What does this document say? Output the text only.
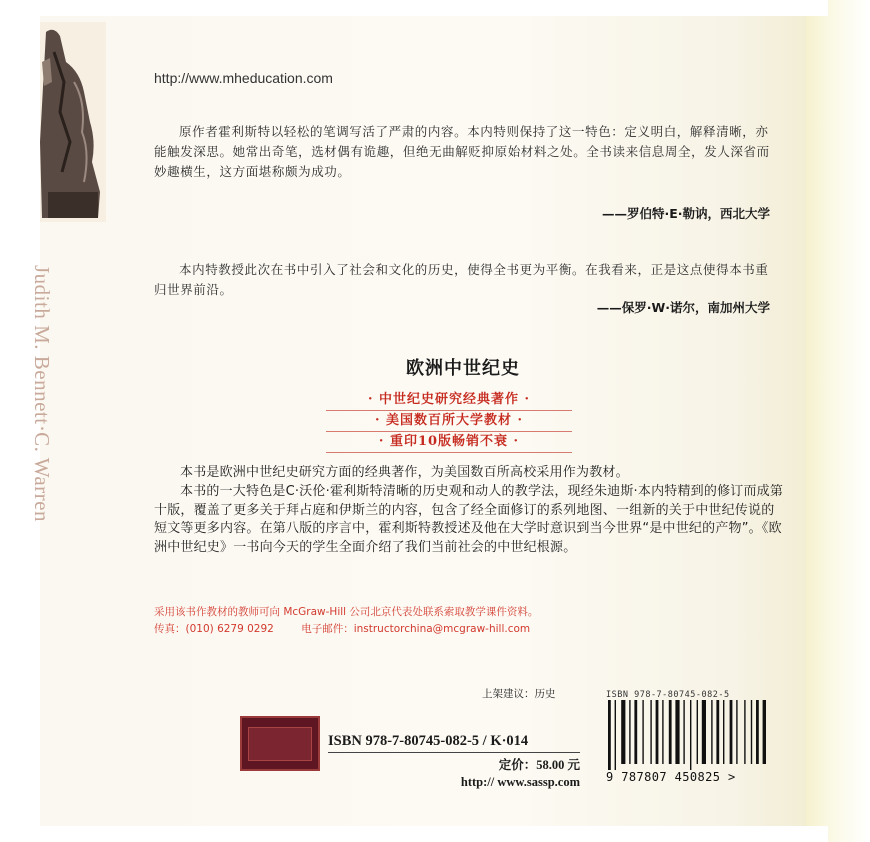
Judith M. Bennett·C. Warren
http://www.mheducation.com
原作者霍利斯特以轻松的笔调写活了严肃的内容。本内特则保持了这一特色：定义明白，解释清晰，亦能触发深思。她常出奇笔，选材偶有诡趣，但绝无曲解贬抑原始材料之处。全书读来信息周全，发人深省而妙趣横生，这方面堪称颇为成功。
——罗伯特·E·勒讷，西北大学
本内特教授此次在书中引入了社会和文化的历史，使得全书更为平衡。在我看来，正是这点使得本书重归世界前沿。
——保罗·W·诺尔，南加州大学
欧洲中世纪史
· 中世纪史研究经典著作 ·
· 美国数百所大学教材 ·
· 重印10版畅销不衰 ·

本书是欧洲中世纪史研究方面的经典著作，为美国数百所高校采用作为教材。

本书的一大特色是C·沃伦·霍利斯特清晰的历史观和动人的教学法，现经朱迪斯·本内特精到的修订而成第十版，覆盖了更多关于拜占庭和伊斯兰的内容，包含了经全面修订的系列地图、一组新的关于中世纪传说的短文等更多内容。在第八版的序言中，霍利斯特教授述及他在大学时意识到当今世界“是中世纪的产物”。《欧洲中世纪史》一书向今天的学生全面介绍了我们当前社会的中世纪根源。

采用该书作教材的教师可向 McGraw-Hill 公司北京代表处联系索取教学课件资料。
传真：(010) 6279 0292	电子邮件：instructorchina@mcgraw-hill.com
上架建议：历史
ISBN 978-7-80745-082-5 / K·014
定价：58.00 元
http:// www.sassp.com
ISBN 978-7-80745-082-5
9 787807 450825 >
